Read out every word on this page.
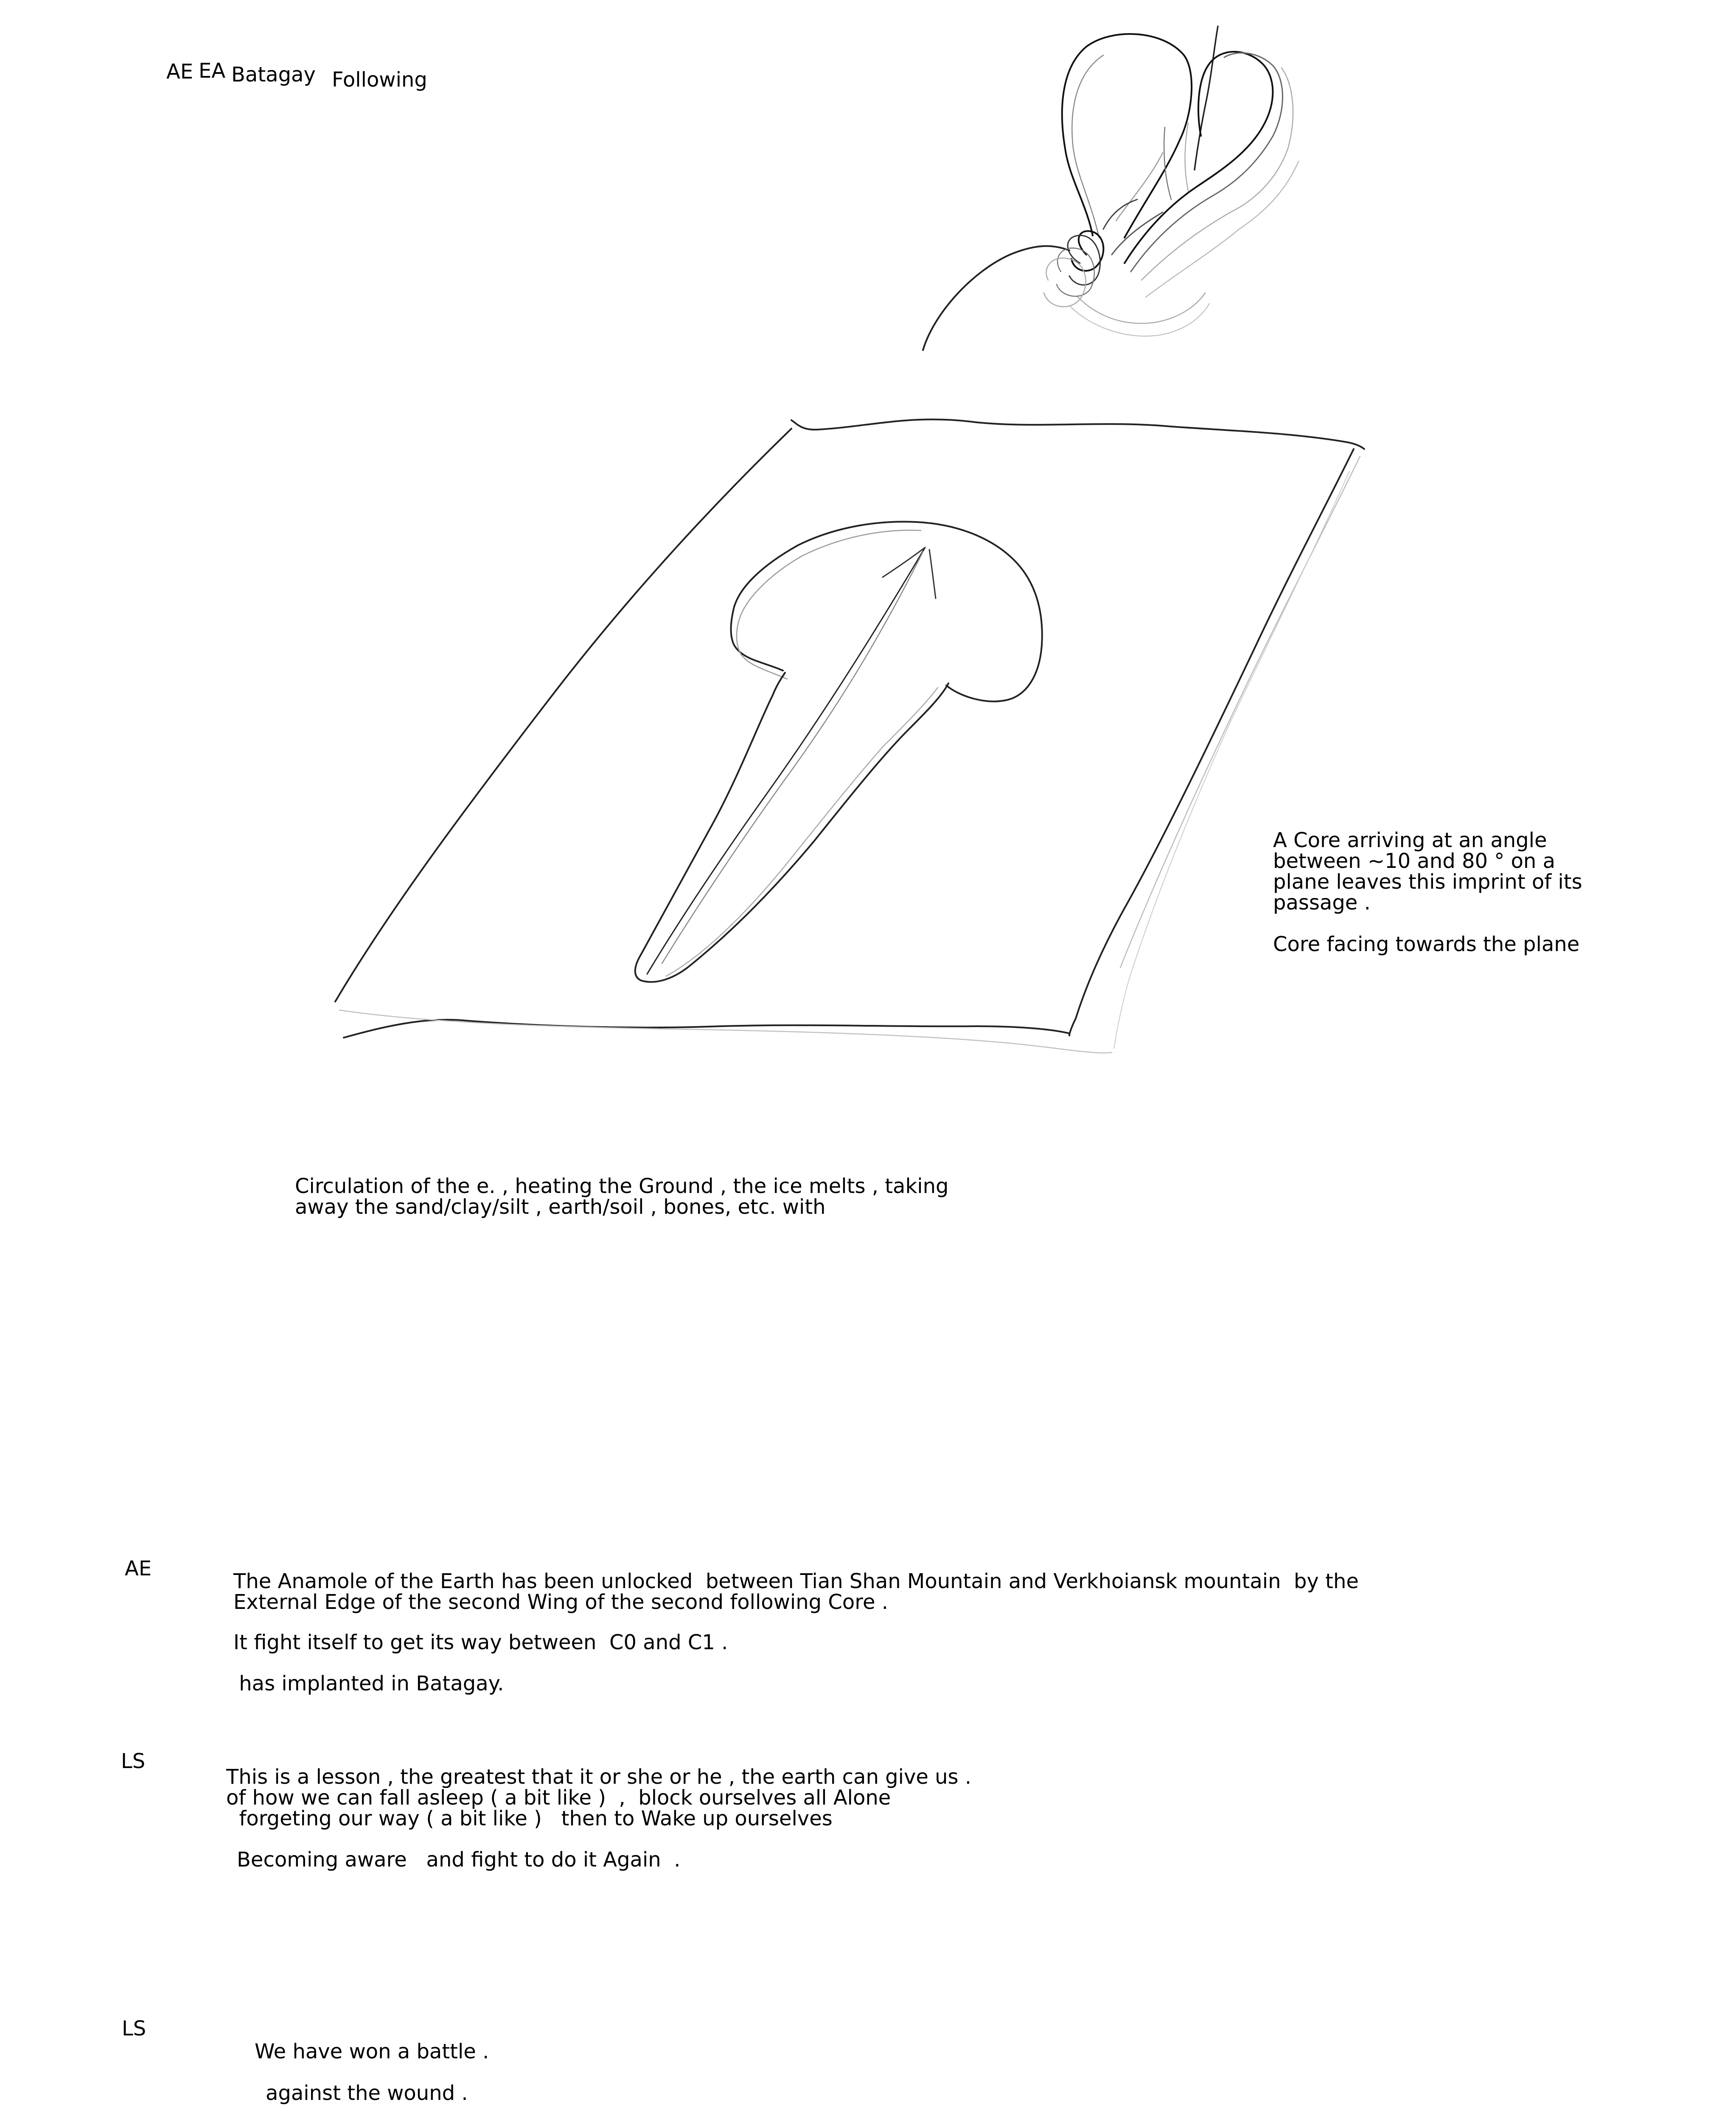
AE EA Batagay Following
A Core arriving at an angle
between ~10 and 80 ° on a
plane leaves this imprint of its
passage .
Core facing towards the plane
Circulation of the e. , heating the Ground , the ice melts , taking
away the sand/clay/silt , earth/soil , bones, etc. with
AE
The Anamole of the Earth has been unlocked  between Tian Shan Mountain and Verkhoiansk mountain  by the
External Edge of the second Wing of the second following Core .
It fight itself to get its way between  C0 and C1 .
has implanted in Batagay.
LS
This is a lesson , the greatest that it or she or he , the earth can give us .
of how we can fall asleep ( a bit like )  ,  block ourselves all Alone
forgeting our way ( a bit like )   then to Wake up ourselves
Becoming aware   and fight to do it Again  .
LS
We have won a battle .
against the wound .
